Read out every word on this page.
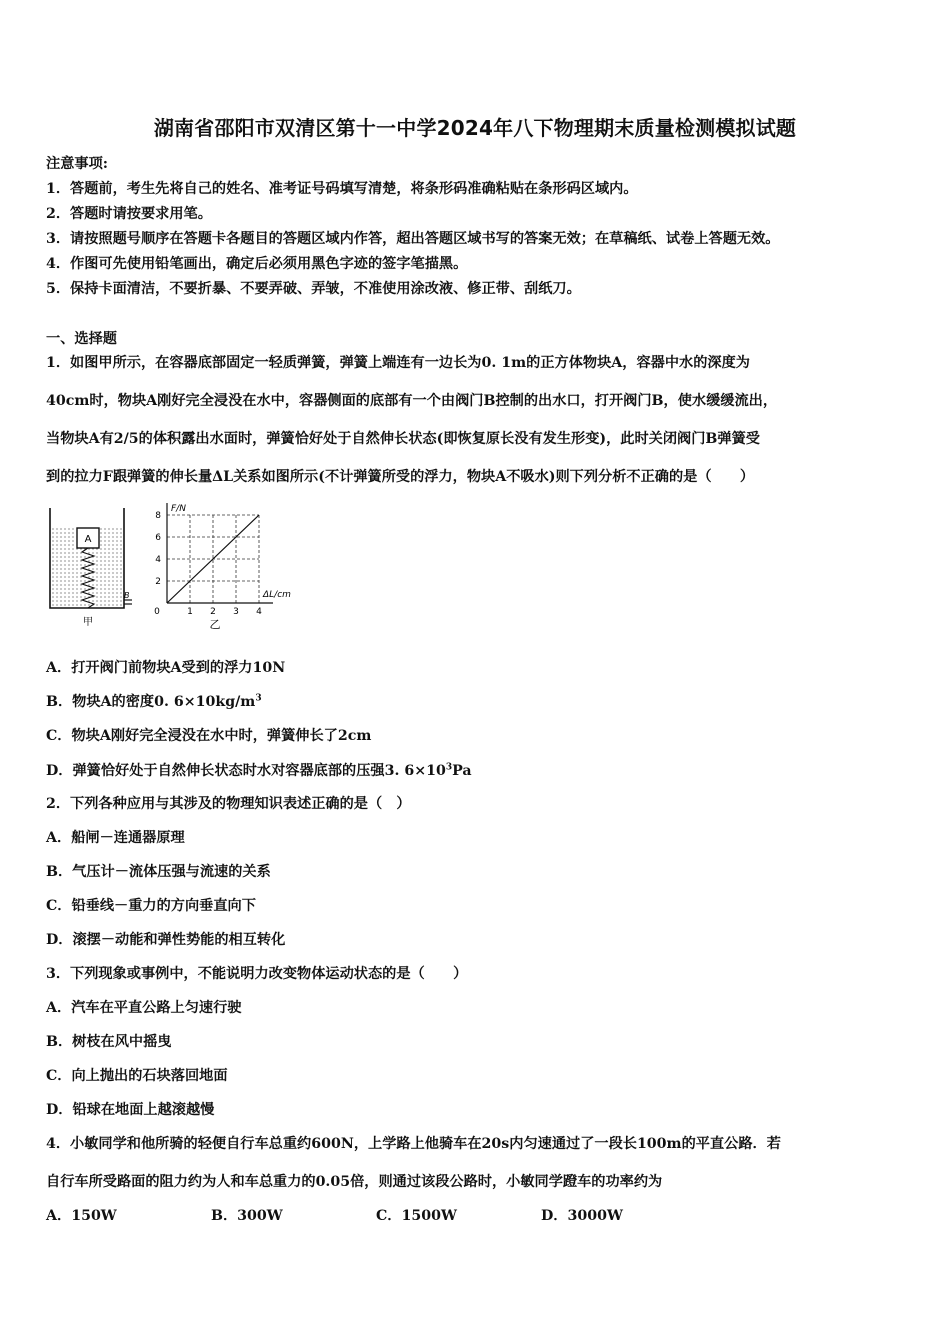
湖南省邵阳市双清区第十一中学2024年八下物理期末质量检测模拟试题
注意事项:
1．答题前，考生先将自己的姓名、准考证号码填写清楚，将条形码准确粘贴在条形码区域内。
2．答题时请按要求用笔。
3．请按照题号顺序在答题卡各题目的答题区域内作答，超出答题区域书写的答案无效；在草稿纸、试卷上答题无效。
4．作图可先使用铅笔画出，确定后必须用黑色字迹的签字笔描黑。
5．保持卡面清洁，不要折暴、不要弄破、弄皱，不准使用涂改液、修正带、刮纸刀。
一、选择题
1．如图甲所示，在容器底部固定一轻质弹簧，弹簧上端连有一边长为0. 1m的正方体物块A，容器中水的深度为
40cm时，物块A刚好完全浸没在水中，容器侧面的底部有一个由阀门B控制的出水口，打开阀门B，使水缓缓流出，
当物块A有2/5的体积露出水面时，弹簧恰好处于自然伸长状态(即恢复原长没有发生形变)，此时关闭阀门B弹簧受
到的拉力F跟弹簧的伸长量ΔL关系如图所示(不计弹簧所受的浮力，物块A不吸水)则下列分析不正确的是（　　）
A
B
甲
F/N
ΔL/cm
0	1 2 3 4
2
4
6
8
乙
A．打开阀门前物块A受到的浮力10N
B．物块A的密度0. $6\times 10kg/m^3$
C．物块A刚好完全浸没在水中时，弹簧伸长了2cm
D．弹簧恰好处于自然伸长状态时水对容器底部的压强3. $6\times 10^3Pa$
2．下列各种应用与其涉及的物理知识表述正确的是（　）
A．船闸－连通器原理
B．气压计－流体压强与流速的关系
C．铅垂线－重力的方向垂直向下
D．滚摆－动能和弹性势能的相互转化
3．下列现象或事例中，不能说明力改变物体运动状态的是（　　）
A．汽车在平直公路上匀速行驶
B．树枝在风中摇曳
C．向上抛出的石块落回地面
D．铅球在地面上越滚越慢
4．小敏同学和他所骑的轻便自行车总重约600N，上学路上他骑车在20s内匀速通过了一段长100m的平直公路．若
自行车所受路面的阻力约为人和车总重力的0.05倍，则通过该段公路时，小敏同学蹬车的功率约为
A．150W	B．300W	C．1500W	D．3000W
